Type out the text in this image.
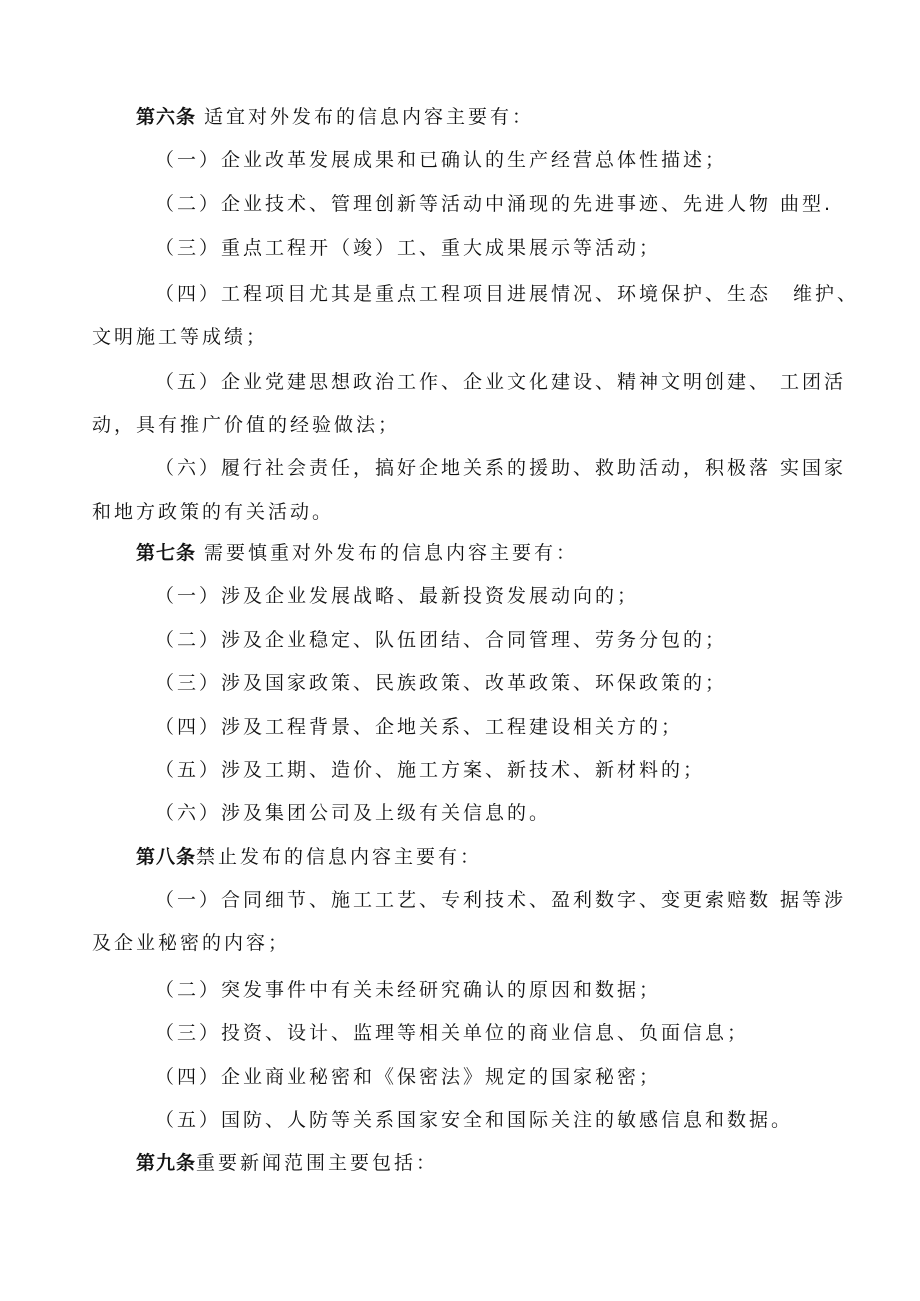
第六条 适宜对外发布的信息内容主要有：
（一）企业改革发展成果和已确认的生产经营总体性描述；
（二）企业技术、管理创新等活动中涌现的先进事迹、先进人物 曲型.
（三）重点工程开（竣）工、重大成果展示等活动；
（四）工程项目尤其是重点工程项目进展情况、环境保护、生态　维护、
文明施工等成绩；
（五）企业党建思想政治工作、企业文化建设、精神文明创建、 工团活
动，具有推广价值的经验做法；
（六）履行社会责任，搞好企地关系的援助、救助活动，积极落 实国家
和地方政策的有关活动。
第七条 需要慎重对外发布的信息内容主要有：
（一）涉及企业发展战略、最新投资发展动向的；
（二）涉及企业稳定、队伍团结、合同管理、劳务分包的；
（三）涉及国家政策、民族政策、改革政策、环保政策的；
（四）涉及工程背景、企地关系、工程建设相关方的；
（五）涉及工期、造价、施工方案、新技术、新材料的；
（六）涉及集团公司及上级有关信息的。
第八条禁止发布的信息内容主要有：
（一）合同细节、施工工艺、专利技术、盈利数字、变更索赔数 据等涉
及企业秘密的内容；
（二）突发事件中有关未经研究确认的原因和数据；
（三）投资、设计、监理等相关单位的商业信息、负面信息；
（四）企业商业秘密和《保密法》规定的国家秘密；
（五）国防、人防等关系国家安全和国际关注的敏感信息和数据。
第九条重要新闻范围主要包括：
